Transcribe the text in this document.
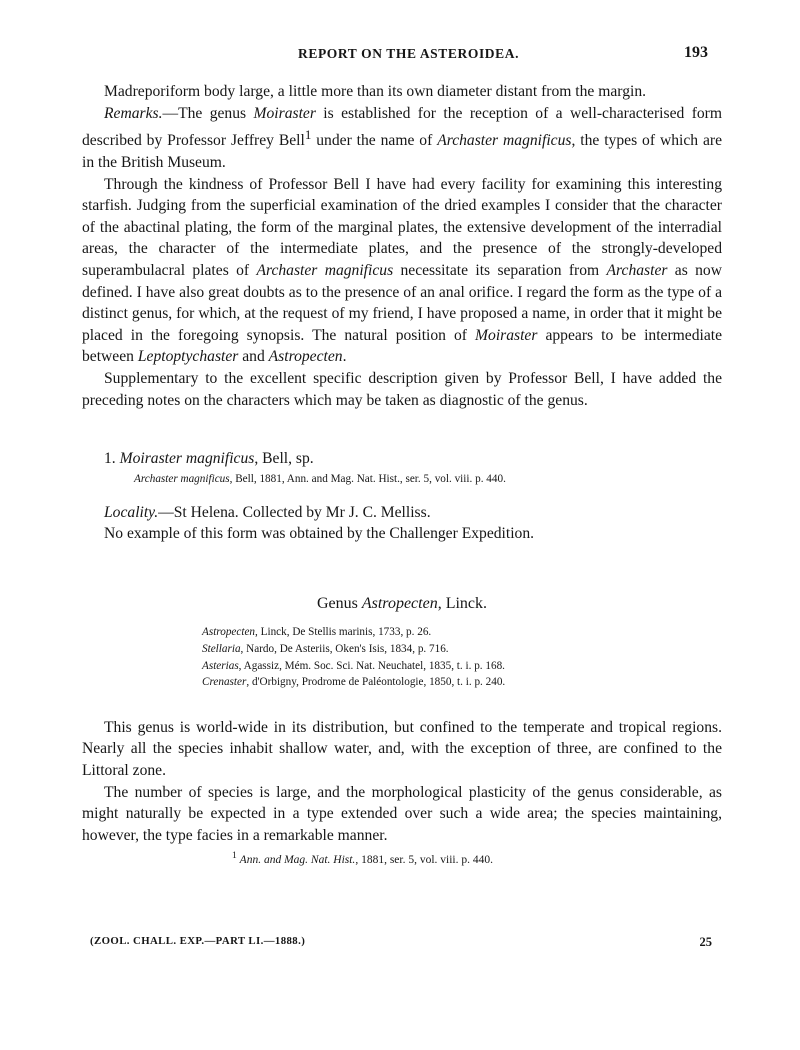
REPORT ON THE ASTEROIDEA.	193

Madreporiform body large, a little more than its own diameter distant from the margin.

Remarks.—The genus Moiraster is established for the reception of a well-characterised form described by Professor Jeffrey Bell$^1$ under the name of Archaster magnificus, the types of which are in the British Museum.

Through the kindness of Professor Bell I have had every facility for examining this interesting starfish. Judging from the superficial examination of the dried examples I consider that the character of the abactinal plating, the form of the marginal plates, the extensive development of the interradial areas, the character of the intermediate plates, and the presence of the strongly-developed superambulacral plates of Archaster magnificus necessitate its separation from Archaster as now defined. I have also great doubts as to the presence of an anal orifice. I regard the form as the type of a distinct genus, for which, at the request of my friend, I have proposed a name, in order that it might be placed in the foregoing synopsis. The natural position of Moiraster appears to be intermediate between Leptoptychaster and Astropecten.

Supplementary to the excellent specific description given by Professor Bell, I have added the preceding notes on the characters which may be taken as diagnostic of the genus.

1. Moiraster magnificus, Bell, sp.
Archaster magnificus, Bell, 1881, Ann. and Mag. Nat. Hist., ser. 5, vol. viii. p. 440.
Locality.—St Helena. Collected by Mr J. C. Melliss.
No example of this form was obtained by the Challenger Expedition.

Genus Astropecten, Linck.

Astropecten, Linck, De Stellis marinis, 1733, p. 26.
Stellaria, Nardo, De Asteriis, Oken's Isis, 1834, p. 716.
Asterias, Agassiz, Mém. Soc. Sci. Nat. Neuchatel, 1835, t. i. p. 168.
Crenaster, d'Orbigny, Prodrome de Paléontologie, 1850, t. i. p. 240.

This genus is world-wide in its distribution, but confined to the temperate and tropical regions. Nearly all the species inhabit shallow water, and, with the exception of three, are confined to the Littoral zone.

The number of species is large, and the morphological plasticity of the genus considerable, as might naturally be expected in a type extended over such a wide area; the species maintaining, however, the type facies in a remarkable manner.

$^1$ Ann. and Mag. Nat. Hist., 1881, ser. 5, vol. viii. p. 440.
(ZOOL. CHALL. EXP.—PART LI.—1888.)	25
